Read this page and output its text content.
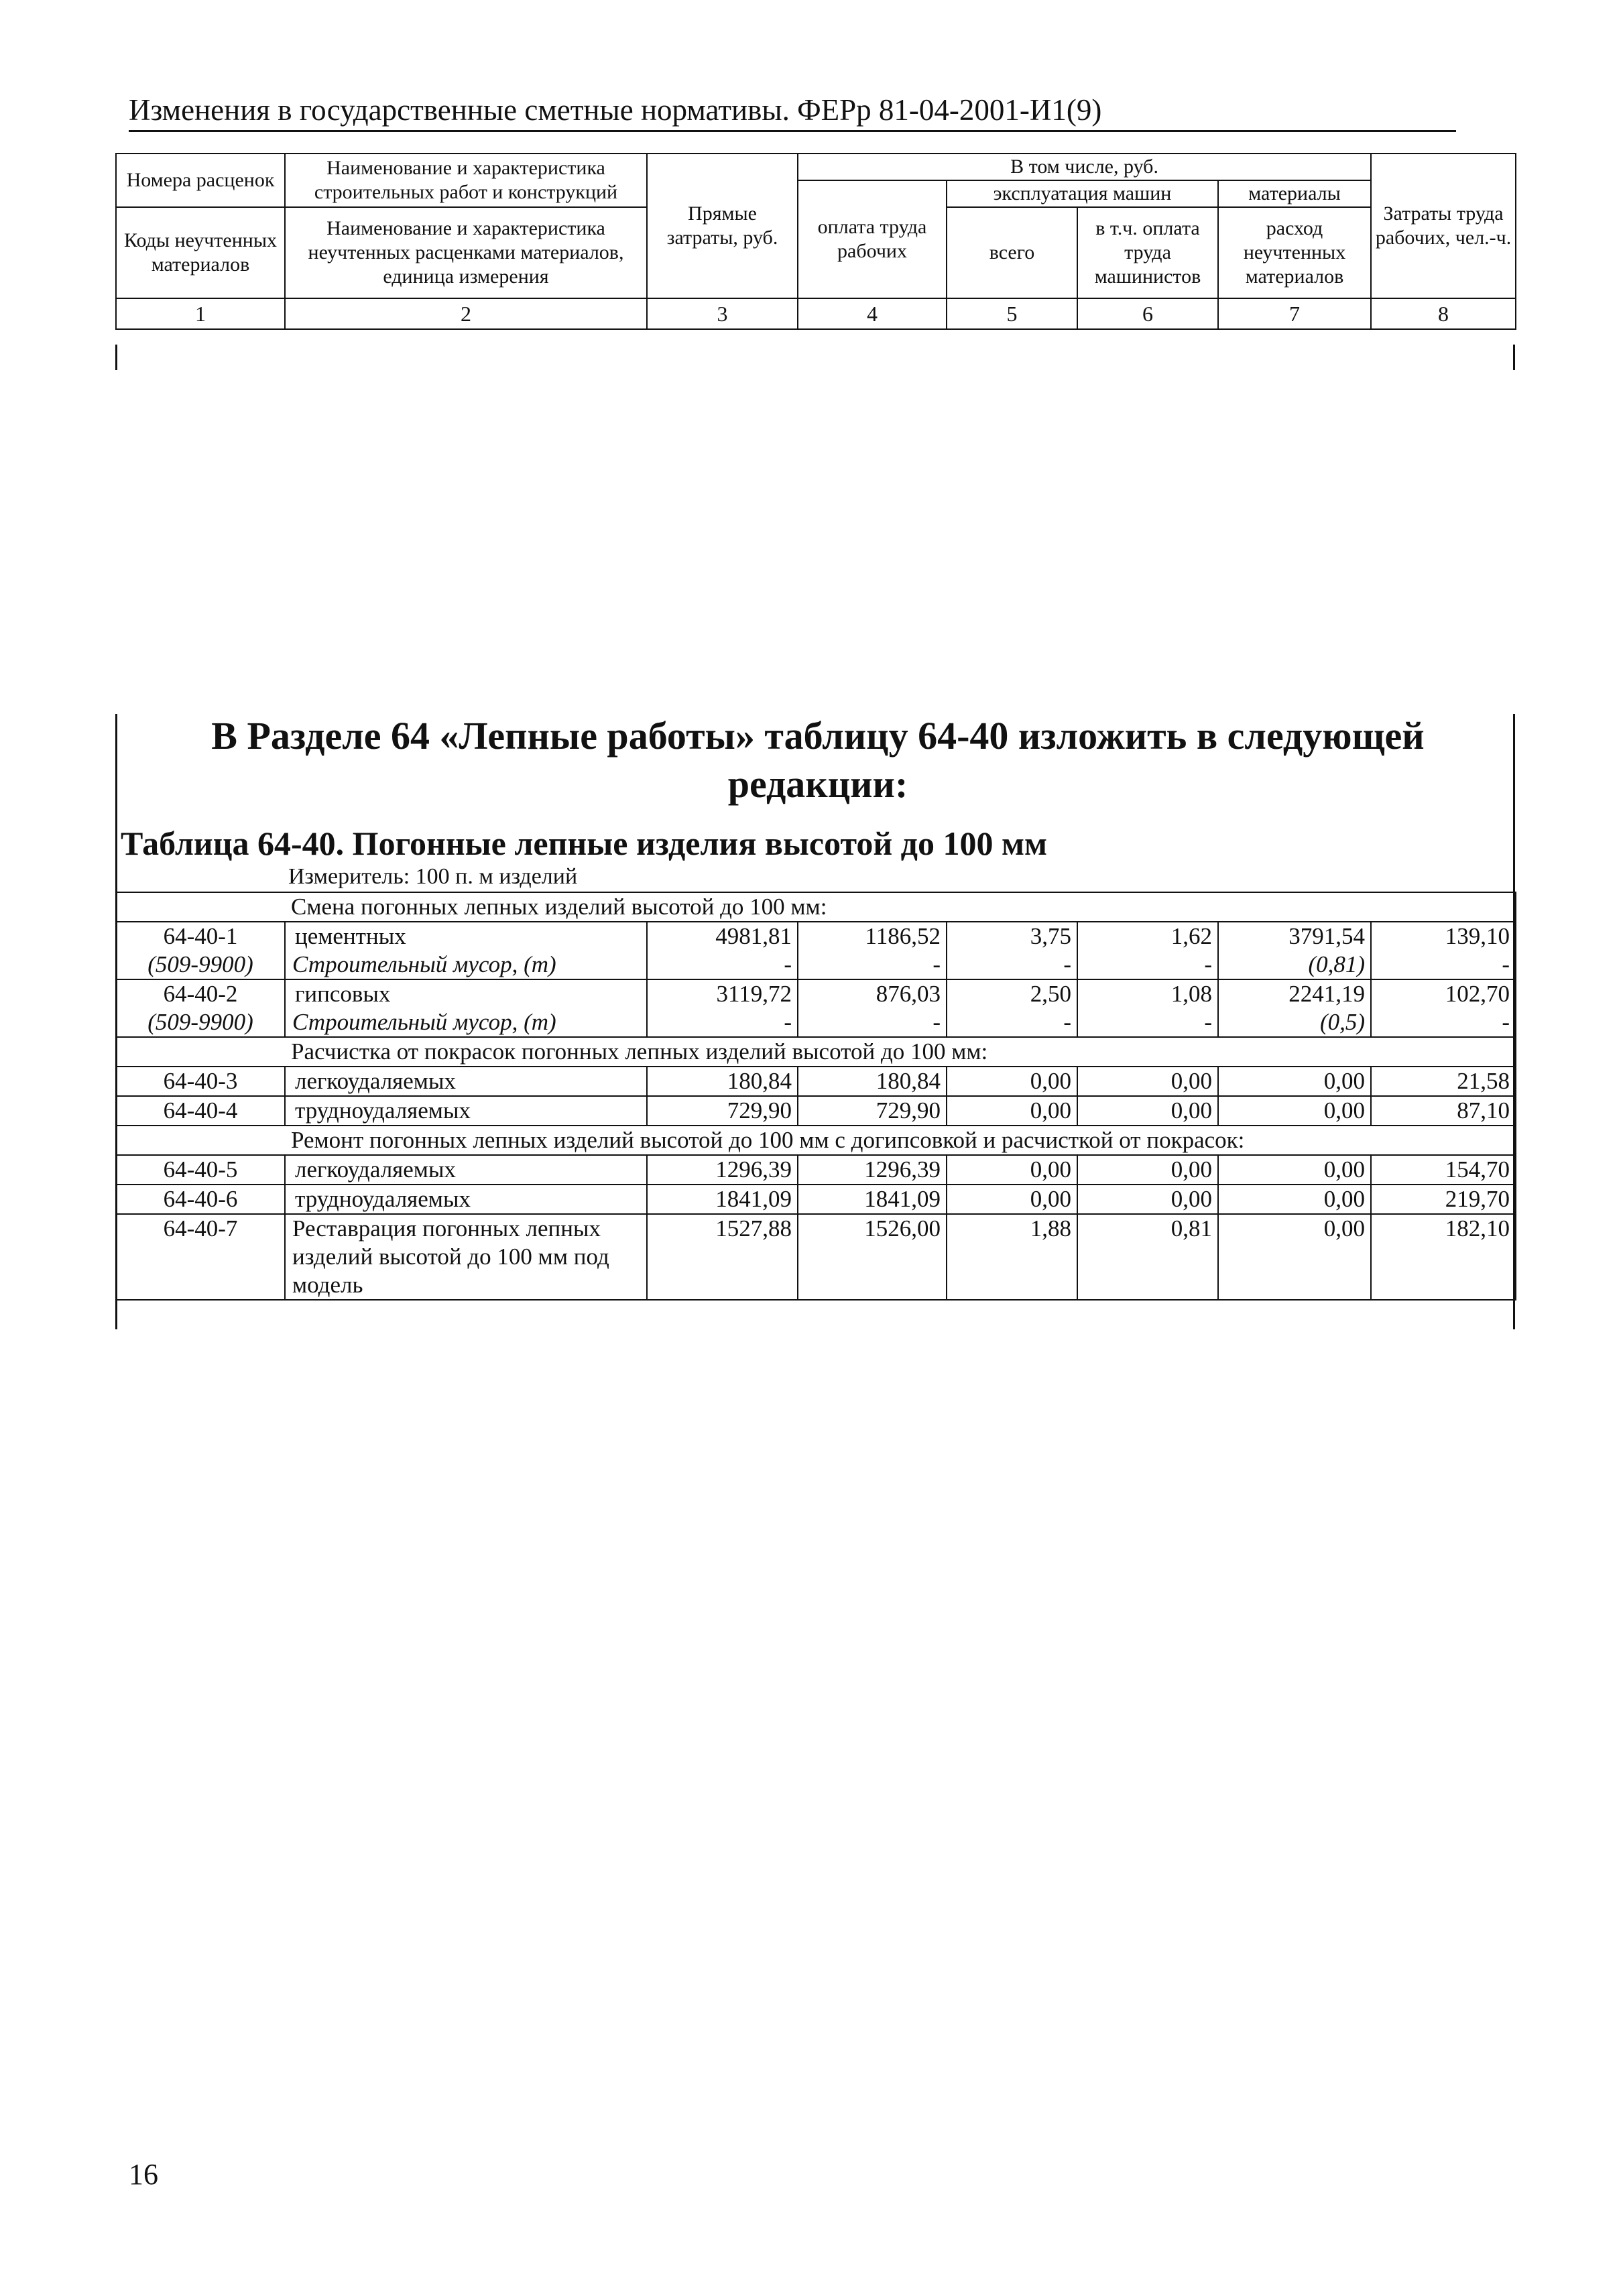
Изменения в государственные сметные нормативы. ФЕРр 81-04-2001-И1(9)
Номера расценок	Наименование и характеристика строительных работ и конструкций	Прямые затраты, руб.	В том числе, руб.				Затраты труда рабочих, чел.-ч.
			оплата труда рабочих	эксплуатация машин		материалы	
Коды неучтенных материалов	Наименование и характеристика неучтенных расценками материалов, единица измерения			всего	в т.ч. оплата труда машинистов	расход неучтенных материалов	

1	2	3	4	5	6	7	8
В Разделе 64 «Лепные работы» таблицу 64-40 изложить в следующей редакции:
Таблица 64-40. Погонные лепные изделия высотой до 100 мм
Измеритель: 100 п. м изделий
Смена погонных лепных изделий высотой до 100 мм:							
64-40-1	цементных	4981,81	1186,52	3,75	1,62	3791,54	139,10
(509-9900)	Строительный мусор, (т)	-	-	-	-	(0,81)	-
64-40-2	гипсовых	3119,72	876,03	2,50	1,08	2241,19	102,70
(509-9900)	Строительный мусор, (т)	-	-	-	-	(0,5)	-
Расчистка от покрасок погонных лепных изделий высотой до 100 мм:							
64-40-3	легкоудаляемых	180,84	180,84	0,00	0,00	0,00	21,58
64-40-4	трудноудаляемых	729,90	729,90	0,00	0,00	0,00	87,10
Ремонт погонных лепных изделий высотой до 100 мм с догипсовкой и расчисткой от покрасок:							
64-40-5	легкоудаляемых	1296,39	1296,39	0,00	0,00	0,00	154,70
64-40-6	трудноудаляемых	1841,09	1841,09	0,00	0,00	0,00	219,70
64-40-7	Реставрация погонных лепных изделий высотой до 100 мм под модель	1527,88	1526,00	1,88	0,81	0,00	182,10
16
